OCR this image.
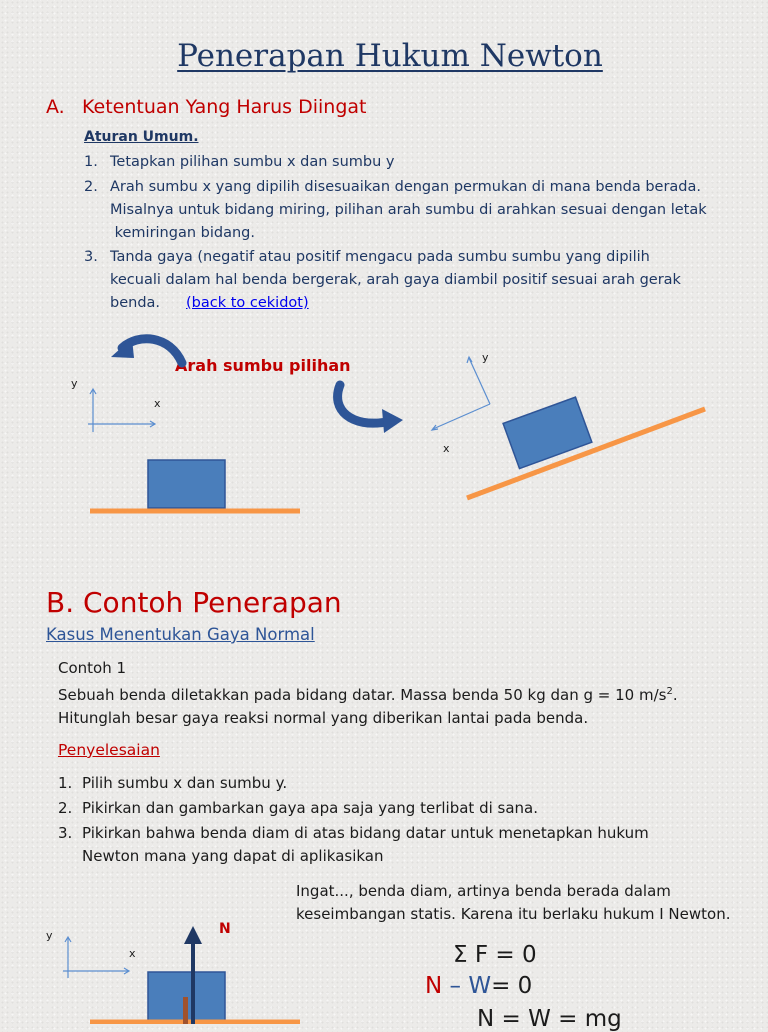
Penerapan Hukum Newton
A. Ketentuan Yang Harus Diingat
Aturan Umum.
1. Tetapkan pilihan sumbu x dan sumbu y
2. Arah sumbu x yang dipilih disesuaikan dengan permukan di mana benda berada.
Misalnya untuk bidang miring, pilihan arah sumbu di arahkan sesuai dengan letak
kemiringan bidang.
3. Tanda gaya (negatif atau positif mengacu pada sumbu sumbu yang dipilih
kecuali dalam hal benda bergerak, arah gaya diambil positif sesuai arah gerak
benda.	(back to cekidot)
Arah sumbu pilihan
y
x
y
x
y
x
B. Contoh Penerapan
Kasus Menentukan Gaya Normal
Contoh 1
Sebuah benda diletakkan pada bidang datar. Massa benda 50 kg dan g = 10 $m/s^2$.
Hitunglah besar gaya reaksi normal yang diberikan lantai pada benda.
Penyelesaian
1. Pilih sumbu x dan sumbu y.
2. Pikirkan dan gambarkan gaya apa saja yang terlibat di sana.
3. Pikirkan bahwa benda diam di atas bidang datar untuk menetapkan hukum
Newton mana yang dapat di aplikasikan
Ingat..., benda diam, artinya benda berada dalam
keseimbangan statis. Karena itu berlaku hukum I Newton.
N
Σ F = 0
N – W= 0
N = W = mg
